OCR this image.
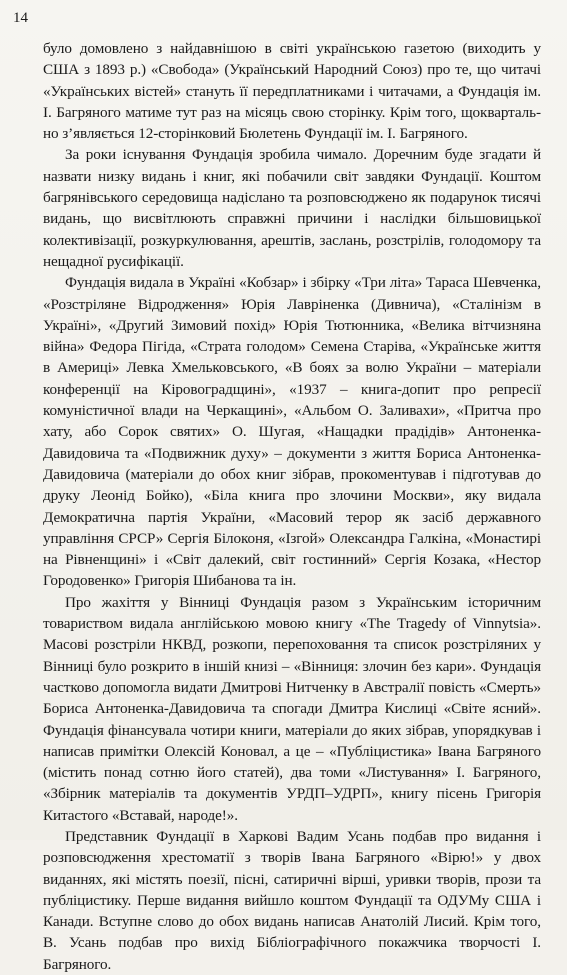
14

було домовлено з найдавнішою в світі українською газетою (виходить у США з 1893 р.) «Свобода» (Український Народний Союз) про те, що читачі «Українських вістей» стануть її передплатниками і читачами, а Фундація ім. І. Багряного матиме тут раз на місяць свою сторінку. Крім того, щоквартально з’являється 12-сторінковий Бюлетень Фундації ім. І. Багряного.

За роки існування Фундація зробила чимало. Доречним буде згадати й назвати низку видань і книг, які побачили світ завдяки Фундації. Коштом багрянівського середовища надіслано та розповсюджено як подарунок тисячі видань, що висвітлюють справжні причини і наслідки більшовицької колективізації, розкуркулювання, арештів, заслань, розстрілів, голодомору та нещадної русифікації.

Фундація видала в Україні «Кобзар» і збірку «Три літа» Тараса Шевченка, «Розстріляне Відродження» Юрія Лавріненка (Дивнича), «Сталінізм в Україні», «Другий Зимовий похід» Юрія Тютюнника, «Велика вітчизняна війна» Федора Пігіда, «Страта голодом» Семена Старіва, «Українське життя в Америці» Левка Хмельковського, «В боях за волю України – матеріали конференції на Кіровоградщині», «1937 – книга-допит про репресії комуністичної влади на Черкащині», «Альбом О. Заливахи», «Притча про хату, або Сорок святих» О. Шугая, «Нащадки прадідів» Антоненка-Давидовича та «Подвижник духу» – документи з життя Бориса Антоненка-Давидовича (матеріали до обох книг зібрав, прокоментував і підготував до друку Леонід Бойко), «Біла книга про злочини Москви», яку видала Демократична партія України, «Масовий терор як засіб державного управління СРСР» Сергія Білоконя, «Ізгой» Олександра Галкіна, «Монастирі на Рівненщині» і «Світ далекий, світ гостинний» Сергія Козака, «Нестор Городовенко» Григорія Шибанова та ін.

Про жахіття у Вінниці Фундація разом з Українським історичним товариством видала англійською мовою книгу «The Tragedy of Vinnytsia». Масові розстріли НКВД, розкопи, перепоховання та список розстріляних у Вінниці було розкрито в іншій книзі – «Вінниця: злочин без кари». Фундація частково допомогла видати Дмитрові Нитченку в Австралії повість «Смерть» Бориса Антоненка-Давидовича та спогади Дмитра Кислиці «Світе ясний». Фундація фінансувала чотири книги, матеріали до яких зібрав, упорядкував і написав примітки Олексій Коновал, а це – «Публіцистика» Івана Багряного (містить понад сотню його статей), два томи «Листування» І. Багряного, «Збірник матеріалів та документів УРДП–УДРП», книгу пісень Григорія Китастого «Вставай, народе!».

Представник Фундації в Харкові Вадим Усань подбав про видання і розповсюдження хрестоматії з творів Івана Багряного «Вірю!» у двох виданнях, які містять поезії, пісні, сатиричні вірші, уривки творів, прози та публіцистику. Перше видання вийшло коштом Фундації та ОДУМу США і Канади. Вступне слово до обох видань написав Анатолій Лисий. Крім того, В. Усань подбав про вихід Бібліографічного покажчика творчості І. Багряного.
